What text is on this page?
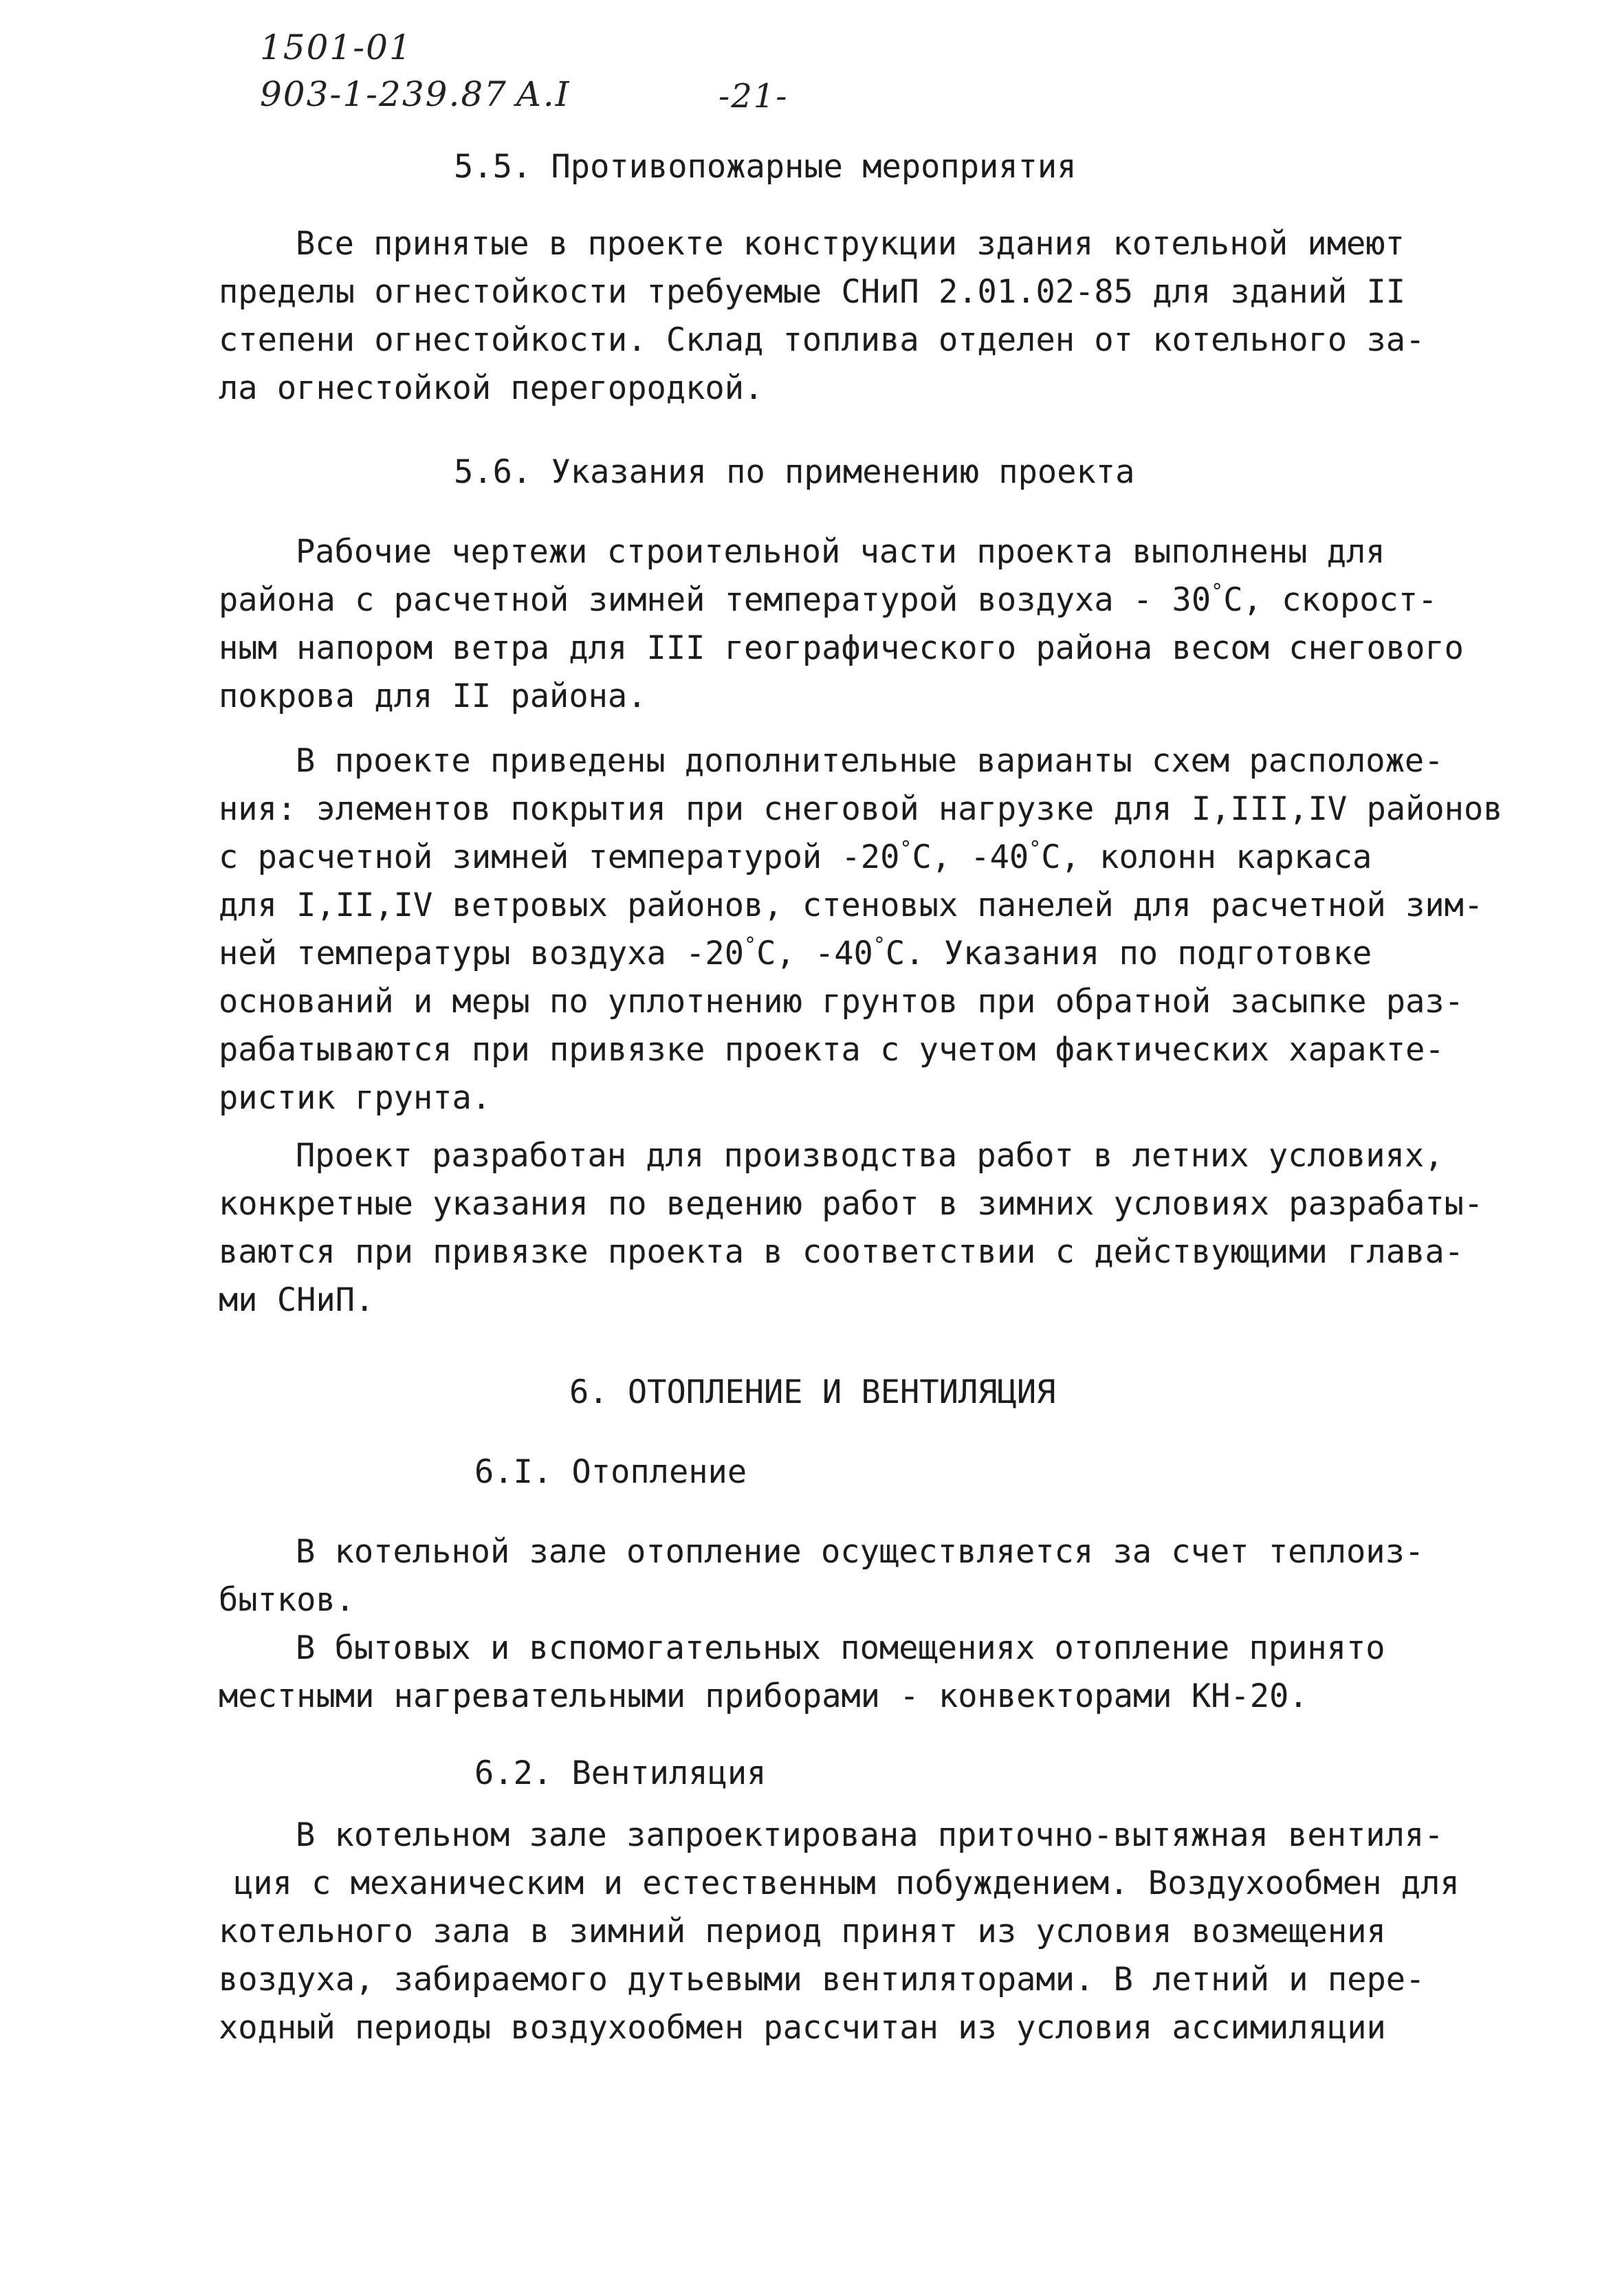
1501-01
903-1-239.87 А.I	-21-
5.5. Противопожарные мероприятия
Все принятые в проекте конструкции здания котельной имеют
пределы огнестойкости требуемые СНиП 2.01.02-85 для зданий II
степени огнестойкости. Склад топлива отделен от котельного за-
ла огнестойкой перегородкой.
5.6. Указания по применению проекта
Рабочие чертежи строительной части проекта выполнены для
района с расчетной зимней температурой воздуха - 30°С, скорост-
ным напором ветра для III географического района весом снегового
покрова для II района.
В проекте приведены дополнительные варианты схем расположе-
ния: элементов покрытия при снеговой нагрузке для I,III,IV районов
с расчетной зимней температурой -20°С, -40°С, колонн каркаса
для I,II,IV ветровых районов, стеновых панелей для расчетной зим-
ней температуры воздуха -20°С, -40°С. Указания по подготовке
оснований и меры по уплотнению грунтов при обратной засыпке раз-
рабатываются при привязке проекта с учетом фактических характе-
ристик грунта.
Проект разработан для производства работ в летних условиях,
конкретные указания по ведению работ в зимних условиях разрабаты-
ваются при привязке проекта в соответствии с действующими глава-
ми СНиП.
6. ОТОПЛЕНИЕ И ВЕНТИЛЯЦИЯ
6.I. Отопление
В котельной зале отопление осуществляется за счет теплоиз-
бытков.
В бытовых и вспомогательных помещениях отопление принято
местными нагревательными приборами - конвекторами КН-20.
6.2. Вентиляция
В котельном зале запроектирована приточно-вытяжная вентиля-
ция с механическим и естественным побуждением. Воздухообмен для
котельного зала в зимний период принят из условия возмещения
воздуха, забираемого дутьевыми вентиляторами. В летний и пере-
ходный периоды воздухообмен рассчитан из условия ассимиляции
